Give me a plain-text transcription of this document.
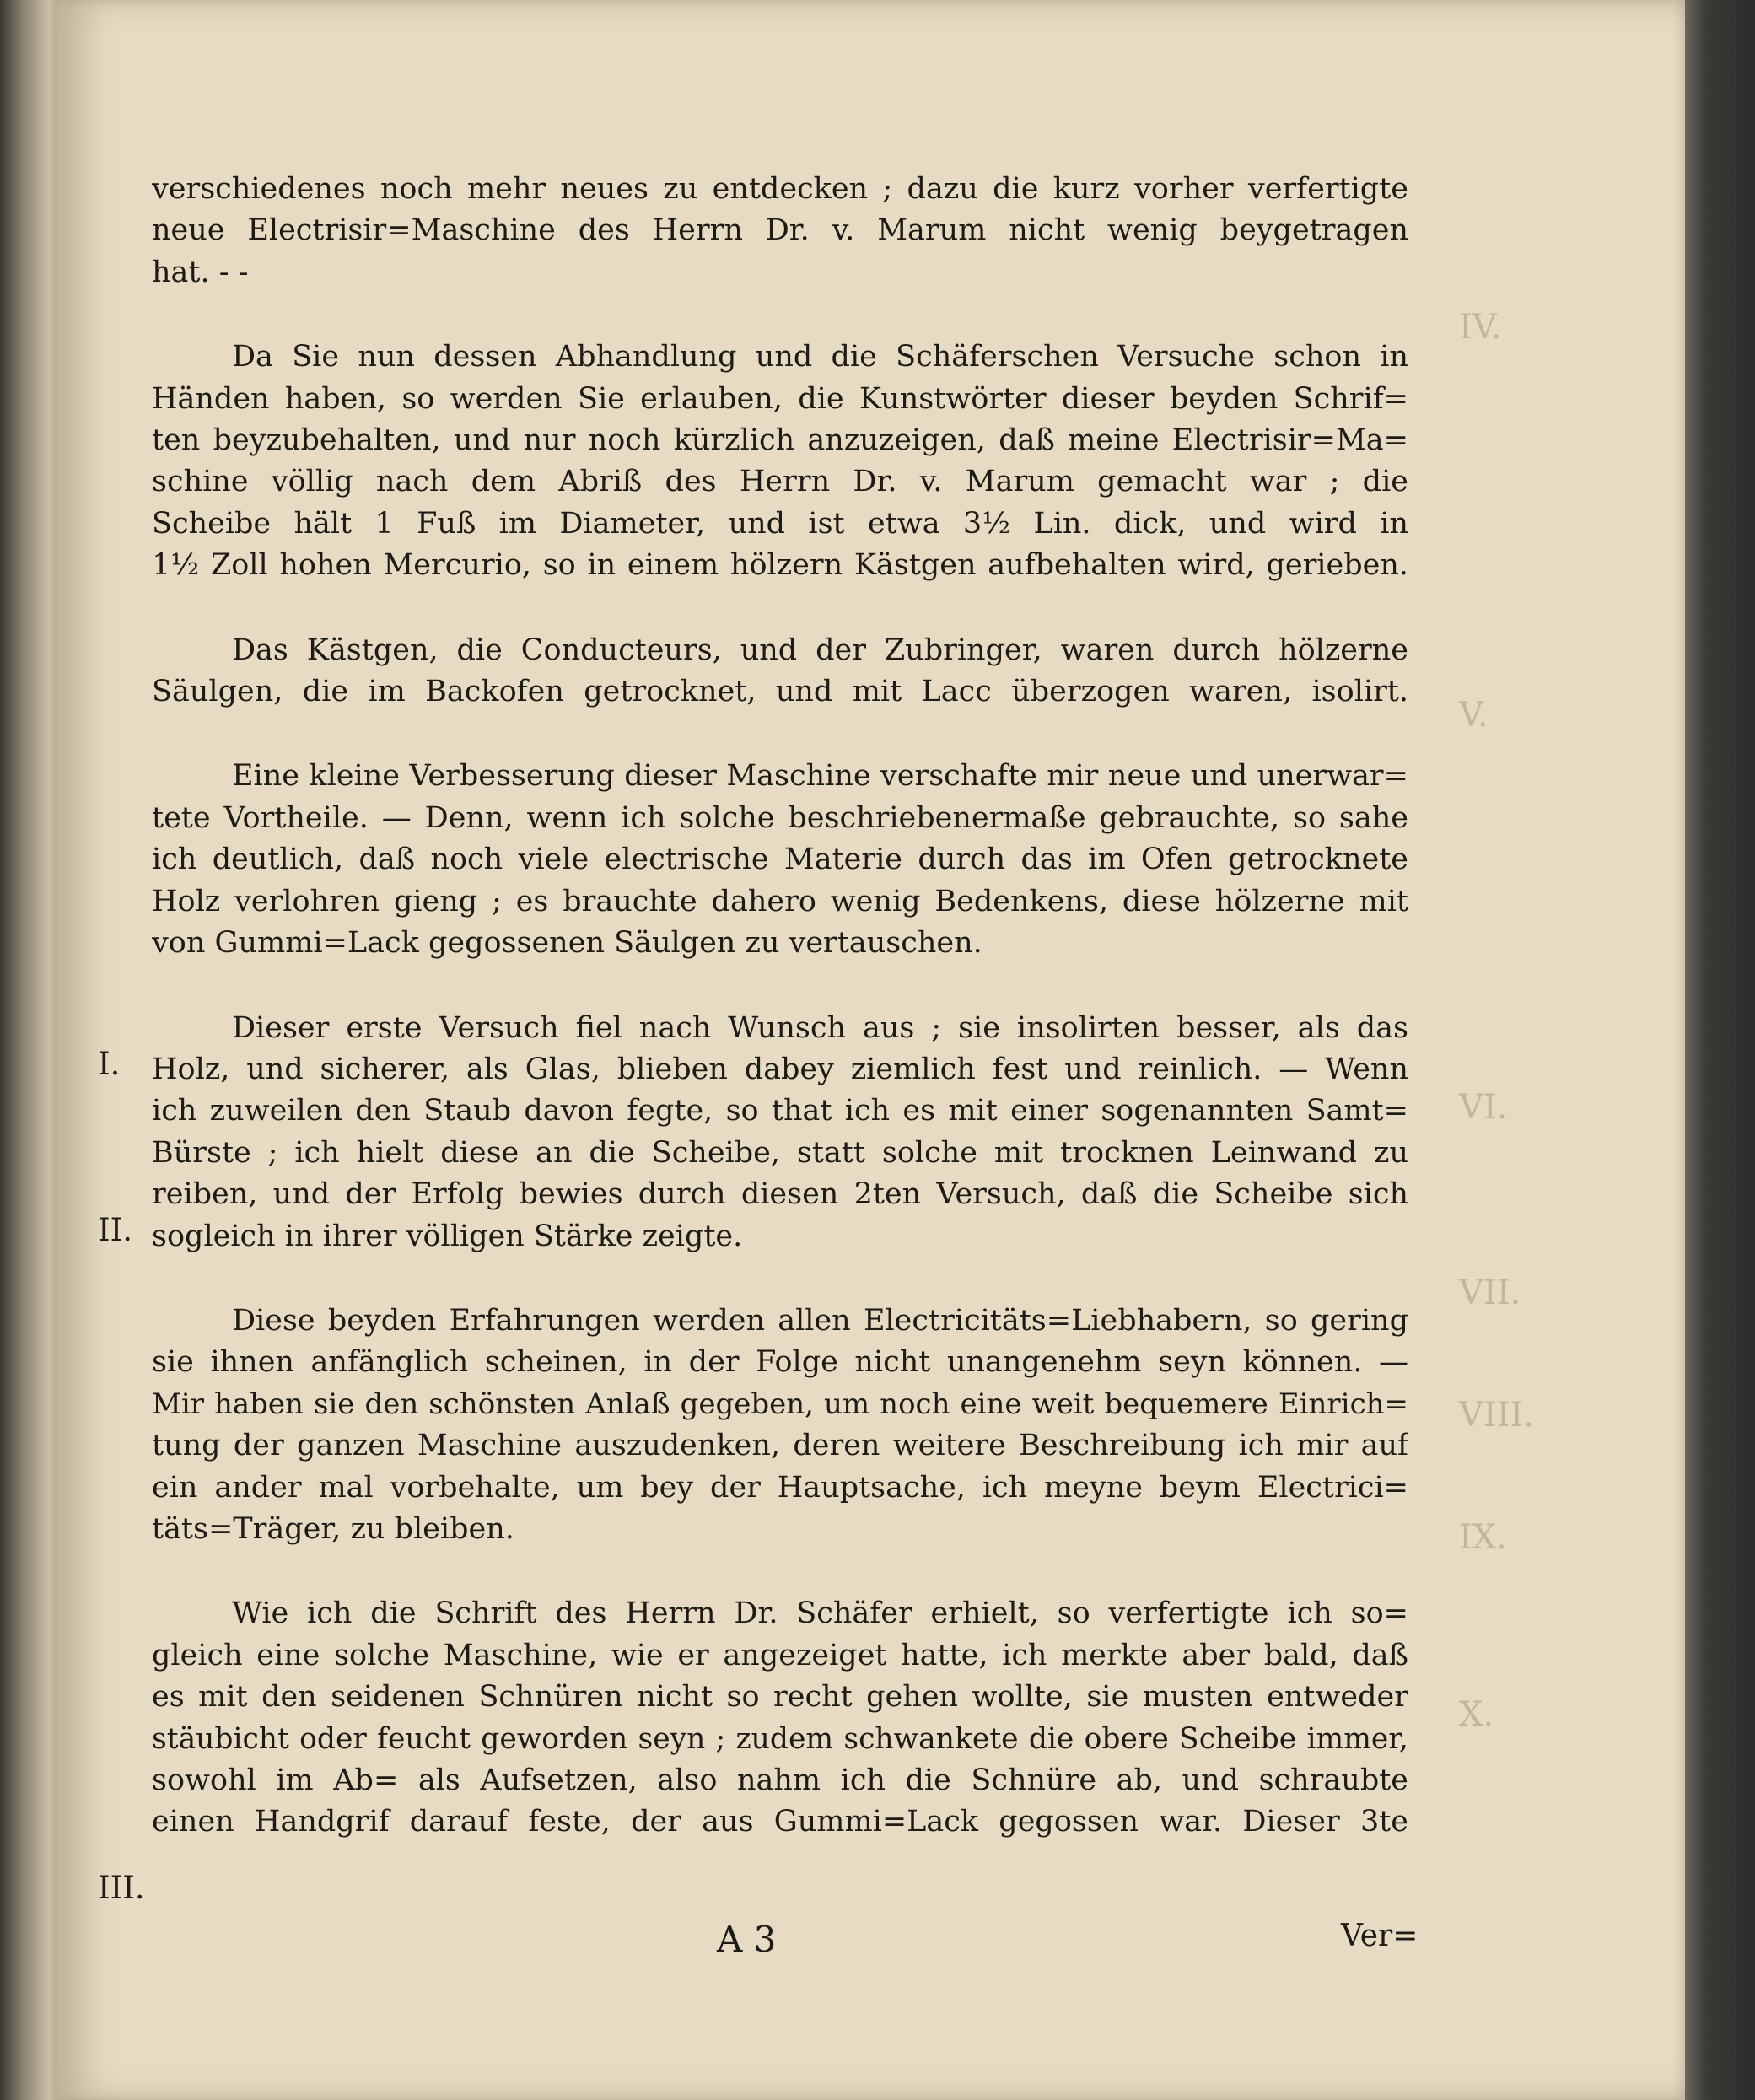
IV.
V.
VI.
VII.
VIII.
IX.
X.
I.
II.
III.

verschiedenes noch mehr neues zu entdecken ; dazu die kurz vorher verfertigte
neue Electrisir=Maschine des Herrn Dr. v. Marum nicht wenig beygetragen
hat. - -

Da Sie nun dessen Abhandlung und die Schäferschen Versuche schon in
Händen haben, so werden Sie erlauben, die Kunstwörter dieser beyden Schrif=
ten beyzubehalten, und nur noch kürzlich anzuzeigen, daß meine Electrisir=Ma=
schine völlig nach dem Abriß des Herrn Dr. v. Marum gemacht war ; die
Scheibe hält 1 Fuß im Diameter, und ist etwa 3½ Lin. dick, und wird in
1½ Zoll hohen Mercurio, so in einem hölzern Kästgen aufbehalten wird, gerieben.

Das Kästgen, die Conducteurs, und der Zubringer, waren durch hölzerne
Säulgen, die im Backofen getrocknet, und mit Lacc überzogen waren, isolirt.

Eine kleine Verbesserung dieser Maschine verschafte mir neue und unerwar=
tete Vortheile. — Denn, wenn ich solche beschriebenermaße gebrauchte, so sahe
ich deutlich, daß noch viele electrische Materie durch das im Ofen getrocknete
Holz verlohren gieng ; es brauchte dahero wenig Bedenkens, diese hölzerne mit
von Gummi=Lack gegossenen Säulgen zu vertauschen.

Dieser erste Versuch fiel nach Wunsch aus ; sie insolirten besser, als das
Holz, und sicherer, als Glas, blieben dabey ziemlich fest und reinlich. — Wenn
ich zuweilen den Staub davon fegte, so that ich es mit einer sogenannten Samt=
Bürste ; ich hielt diese an die Scheibe, statt solche mit trocknen Leinwand zu
reiben, und der Erfolg bewies durch diesen 2ten Versuch, daß die Scheibe sich
sogleich in ihrer völligen Stärke zeigte.

Diese beyden Erfahrungen werden allen Electricitäts=Liebhabern, so gering
sie ihnen anfänglich scheinen, in der Folge nicht unangenehm seyn können. —
Mir haben sie den schönsten Anlaß gegeben, um noch eine weit bequemere Einrich=
tung der ganzen Maschine auszudenken, deren weitere Beschreibung ich mir auf
ein ander mal vorbehalte, um bey der Hauptsache, ich meyne beym Electrici=
täts=Träger, zu bleiben.

Wie ich die Schrift des Herrn Dr. Schäfer erhielt, so verfertigte ich so=
gleich eine solche Maschine, wie er angezeiget hatte, ich merkte aber bald, daß
es mit den seidenen Schnüren nicht so recht gehen wollte, sie musten entweder
stäubicht oder feucht geworden seyn ; zudem schwankete die obere Scheibe immer,
sowohl im Ab= als Aufsetzen, also nahm ich die Schnüre ab, und schraubte
einen Handgrif darauf feste, der aus Gummi=Lack gegossen war. Dieser 3te

A 3	Ver=
